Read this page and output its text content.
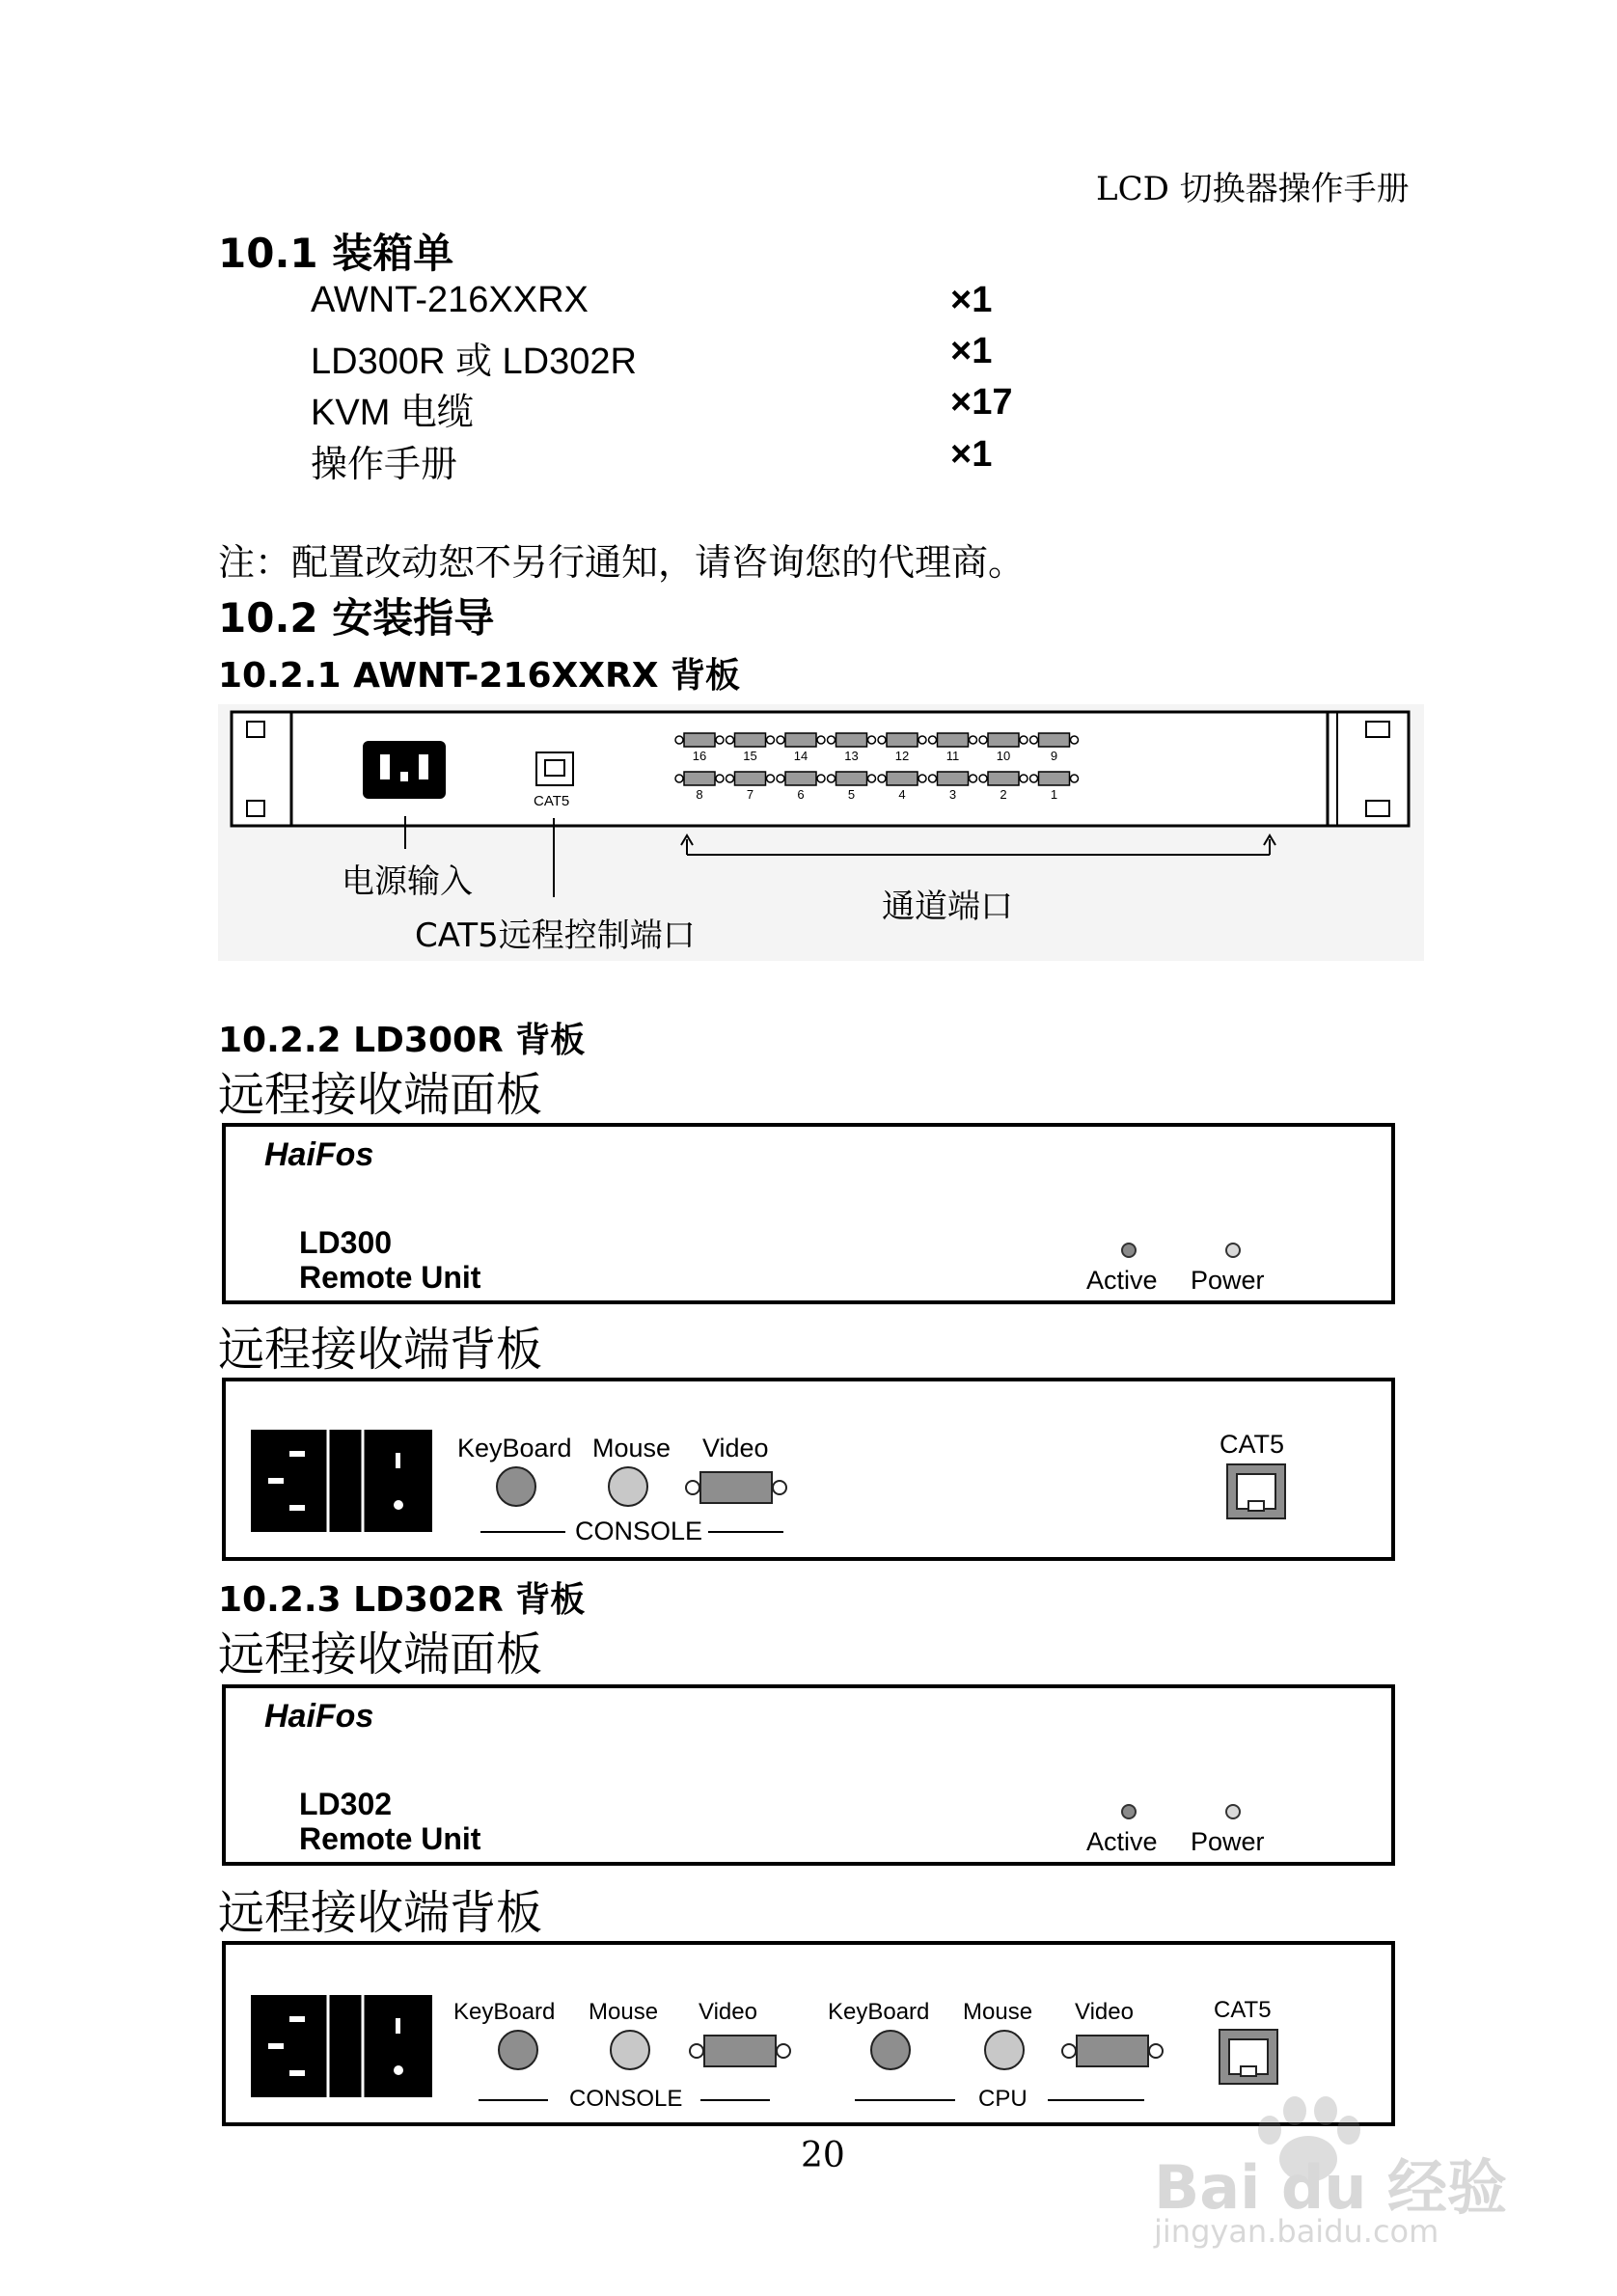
LCD 切换器操作手册
10.1 装箱单
AWNT-216XXRX	×1
LD300R 或 LD302R	×1
KVM 电缆	×17
操作手册	×1
注：配置改动恕不另行通知，请咨询您的代理商。
10.2 安装指导
10.2.1 AWNT-216XXRX 背板
16	15	14	13	12	11	10	9
8	7	6	5	4	3	2	1
CAT5
电源输入
CAT5远程控制端口
通道端口
10.2.2 LD300R 背板
远程接收端面板
HaiFos
LD300
Remote Unit	Active Power
远程接收端背板
KeyBoard Mouse Video
CONSOLE
CAT5
10.2.3 LD302R 背板
远程接收端面板
HaiFos
LD302
Remote Unit	Active Power
远程接收端背板
KeyBoard Mouse Video
CONSOLE
KeyBoard Mouse Video
CPU
CAT5
20	Bai du 经验
jingyan.baidu.com
